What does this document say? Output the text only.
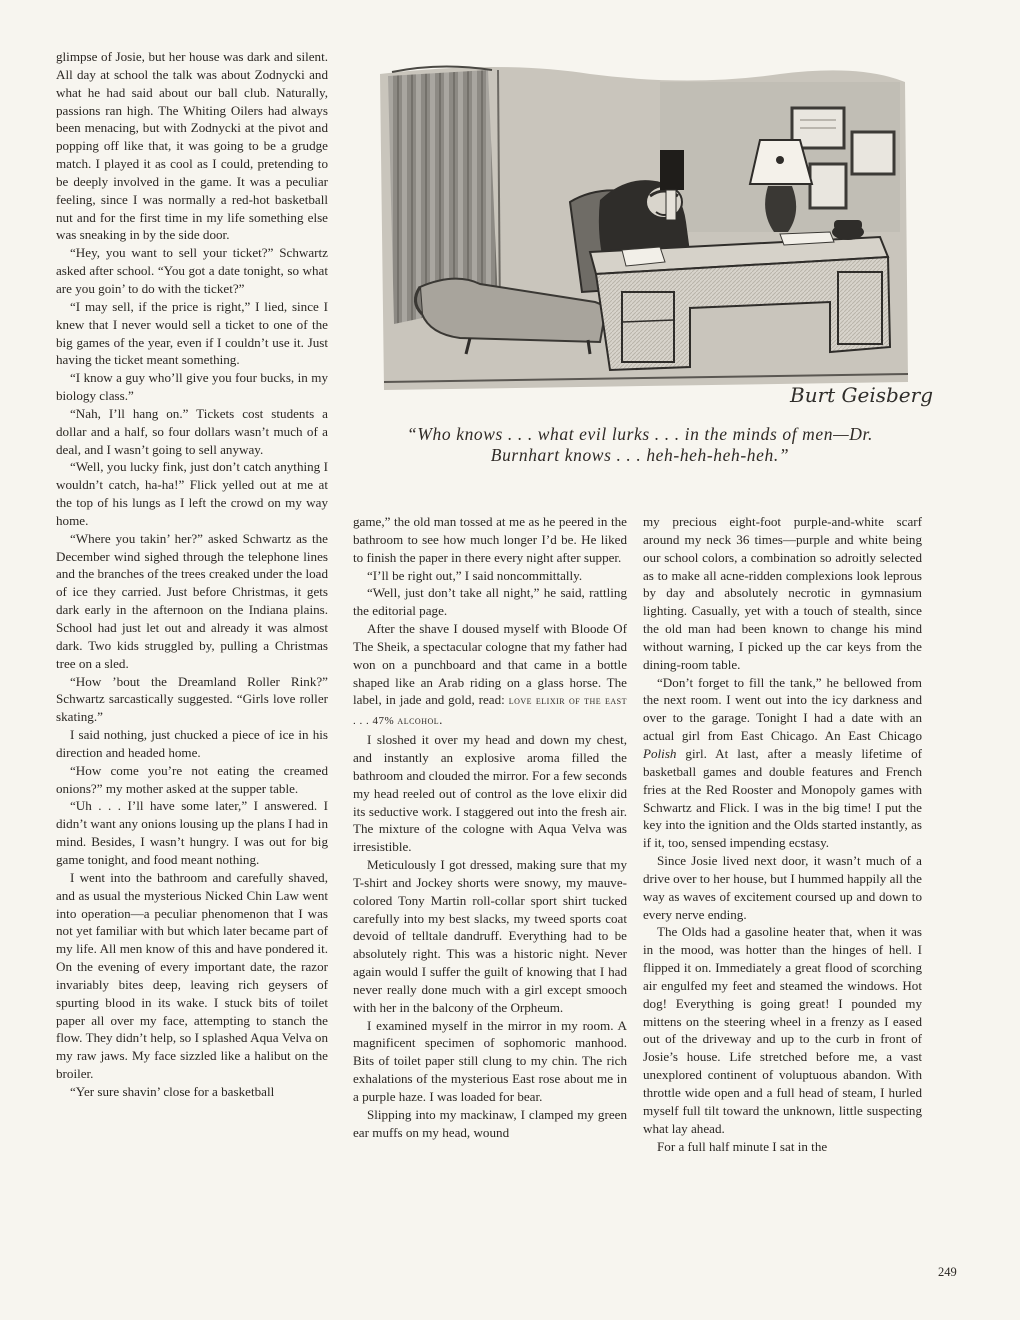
glimpse of Josie, but her house was dark and silent. All day at school the talk was about Zodnycki and what he had said about our ball club. Naturally, passions ran high. The Whiting Oilers had always been menacing, but with Zodnycki at the pivot and popping off like that, it was going to be a grudge match. I played it as cool as I could, pretending to be deeply involved in the game. It was a peculiar feeling, since I was normally a red-hot basketball nut and for the first time in my life something else was sneaking in by the side door.

“Hey, you want to sell your ticket?” Schwartz asked after school. “You got a date tonight, so what are you goin’ to do with the ticket?”

“I may sell, if the price is right,” I lied, since I knew that I never would sell a ticket to one of the big games of the year, even if I couldn’t use it. Just having the ticket meant something.

“I know a guy who’ll give you four bucks, in my biology class.”

“Nah, I’ll hang on.” Tickets cost students a dollar and a half, so four dollars wasn’t much of a deal, and I wasn’t going to sell anyway.

“Well, you lucky fink, just don’t catch anything I wouldn’t catch, ha-ha!” Flick yelled out at me at the top of his lungs as I left the crowd on my way home.

“Where you takin’ her?” asked Schwartz as the December wind sighed through the telephone lines and the branches of the trees creaked under the load of ice they carried. Just before Christmas, it gets dark early in the afternoon on the Indiana plains. School had just let out and already it was almost dark. Two kids struggled by, pulling a Christmas tree on a sled.

“How ’bout the Dreamland Roller Rink?” Schwartz sarcastically suggested. “Girls love roller skating.”

I said nothing, just chucked a piece of ice in his direction and headed home.

“How come you’re not eating the creamed onions?” my mother asked at the supper table.

“Uh . . . I’ll have some later,” I answered. I didn’t want any onions lousing up the plans I had in mind. Besides, I wasn’t hungry. I was out for big game tonight, and food meant nothing.

I went into the bathroom and carefully shaved, and as usual the mysterious Nicked Chin Law went into operation—a peculiar phenomenon that I was not yet familiar with but which later became part of my life. All men know of this and have pondered it. On the evening of every important date, the razor invariably bites deep, leaving rich geysers of spurting blood in its wake. I stuck bits of toilet paper all over my face, attempting to stanch the flow. They didn’t help, so I splashed Aqua Velva on my raw jaws. My face sizzled like a halibut on the broiler.

“Yer sure shavin’ close for a basketball

Burt Geisberg
“Who knows . . . what evil lurks . . . in the minds of men—Dr.
Burnhart knows . . . heh-heh-heh-heh.”

game,” the old man tossed at me as he peered in the bathroom to see how much longer I’d be. He liked to finish the paper in there every night after supper.

“I’ll be right out,” I said noncommittally.

“Well, just don’t take all night,” he said, rattling the editorial page.

After the shave I doused myself with Bloode Of The Sheik, a spectacular cologne that my father had won on a punchboard and that came in a bottle shaped like an Arab riding on a glass horse. The label, in jade and gold, read: love elixir of the east . . . 47% alcohol.

I sloshed it over my head and down my chest, and instantly an explosive aroma filled the bathroom and clouded the mirror. For a few seconds my head reeled out of control as the love elixir did its seductive work. I staggered out into the fresh air. The mixture of the cologne with Aqua Velva was irresistible.

Meticulously I got dressed, making sure that my T-shirt and Jockey shorts were snowy, my mauve-colored Tony Martin roll-collar sport shirt tucked carefully into my best slacks, my tweed sports coat devoid of telltale dandruff. Everything had to be absolutely right. This was a historic night. Never again would I suffer the guilt of knowing that I had never really done much with a girl except smooch with her in the balcony of the Orpheum.

I examined myself in the mirror in my room. A magnificent specimen of sophomoric manhood. Bits of toilet paper still clung to my chin. The rich exhalations of the mysterious East rose about me in a purple haze. I was loaded for bear.

Slipping into my mackinaw, I clamped my green ear muffs on my head, wound

my precious eight-foot purple-and-white scarf around my neck 36 times—purple and white being our school colors, a combination so adroitly selected as to make all acne-ridden complexions look leprous by day and absolutely necrotic in gymnasium lighting. Casually, yet with a touch of stealth, since the old man had been known to change his mind without warning, I picked up the car keys from the dining-room table.

“Don’t forget to fill the tank,” he bellowed from the next room. I went out into the icy darkness and over to the garage. Tonight I had a date with an actual girl from East Chicago. An East Chicago Polish girl. At last, after a measly lifetime of basketball games and double features and French fries at the Red Rooster and Monopoly games with Schwartz and Flick. I was in the big time! I put the key into the ignition and the Olds started instantly, as if it, too, sensed impending ecstasy.

Since Josie lived next door, it wasn’t much of a drive over to her house, but I hummed happily all the way as waves of excitement coursed up and down to every nerve ending.

The Olds had a gasoline heater that, when it was in the mood, was hotter than the hinges of hell. I flipped it on. Immediately a great flood of scorching air engulfed my feet and steamed the windows. Hot dog! Everything is going great! I pounded my mittens on the steering wheel in a frenzy as I eased out of the driveway and up to the curb in front of Josie’s house. Life stretched before me, a vast unexplored continent of voluptuous abandon. With throttle wide open and a full head of steam, I hurled myself full tilt toward the unknown, little suspecting what lay ahead.

For a full half minute I sat in the

249
